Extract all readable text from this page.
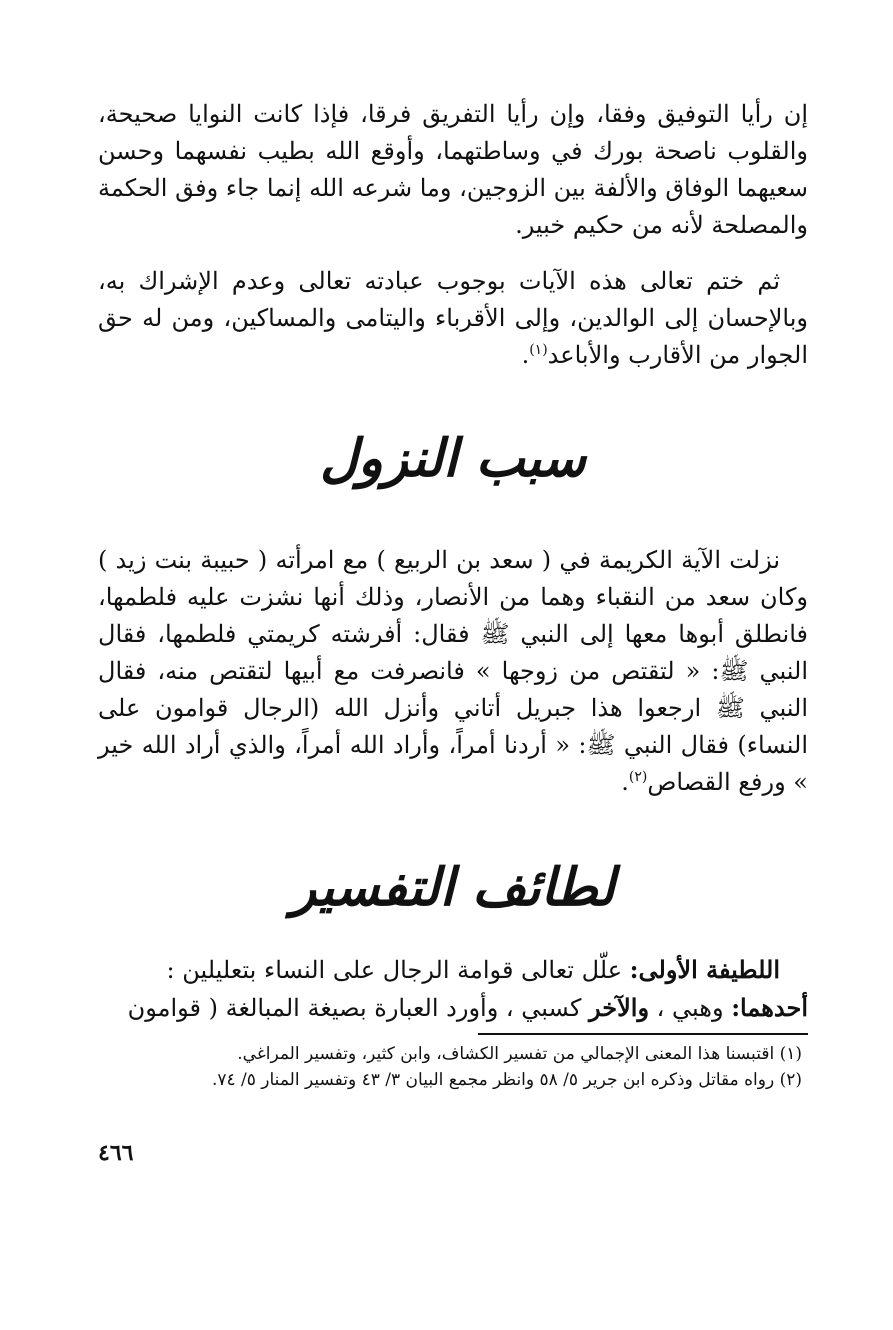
إن رأيا التوفيق وفقا، وإن رأيا التفريق فرقا، فإذا كانت النوايا صحيحة، والقلوب ناصحة بورك في وساطتهما، وأوقع الله بطيب نفسهما وحسن سعيهما الوفاق والألفة بين الزوجين، وما شرعه الله إنما جاء وفق الحكمة والمصلحة لأنه من حكيم خبير.

ثم ختم تعالى هذه الآيات بوجوب عبادته تعالى وعدم الإشراك به، وبالإحسان إلى الوالدين، وإلى الأقرباء واليتامى والمساكين، ومن له حق الجوار من الأقارب والأباعد$^{(١)}$.

سبب النزول

نزلت الآية الكريمة في ( سعد بن الربيع ) مع امرأته ( حبيبة بنت زيد ) وكان سعد من النقباء وهما من الأنصار، وذلك أنها نشزت عليه فلطمها، فانطلق أبوها معها إلى النبي ﷺ فقال: أفرشته كريمتي فلطمها، فقال النبي ﷺ: « لتقتص من زوجها » فانصرفت مع أبيها لتقتص منه، فقال النبي ﷺ ارجعوا هذا جبريل أتاني وأنزل الله (الرجال قوامون على النساء) فقال النبي ﷺ: « أردنا أمراً، وأراد الله أمراً، والذي أراد الله خير » ورفع القصاص$^{(٢)}$.

لطائف التفسير

اللطيفة الأولى: علّل تعالى قوامة الرجال على النساء بتعليلين :

أحدهما: وهبي ، والآخر كسبي ، وأورد العبارة بصيغة المبالغة ( قوامون

(١) اقتبسنا هذا المعنى الإجمالي من تفسير الكشاف، وابن كثير، وتفسير المراغي.

(٢) رواه مقاتل وذكره ابن جرير ٥/ ٥٨ وانظر مجمع البيان ٣/ ٤٣ وتفسير المنار ٥/ ٧٤.

٤٦٦
